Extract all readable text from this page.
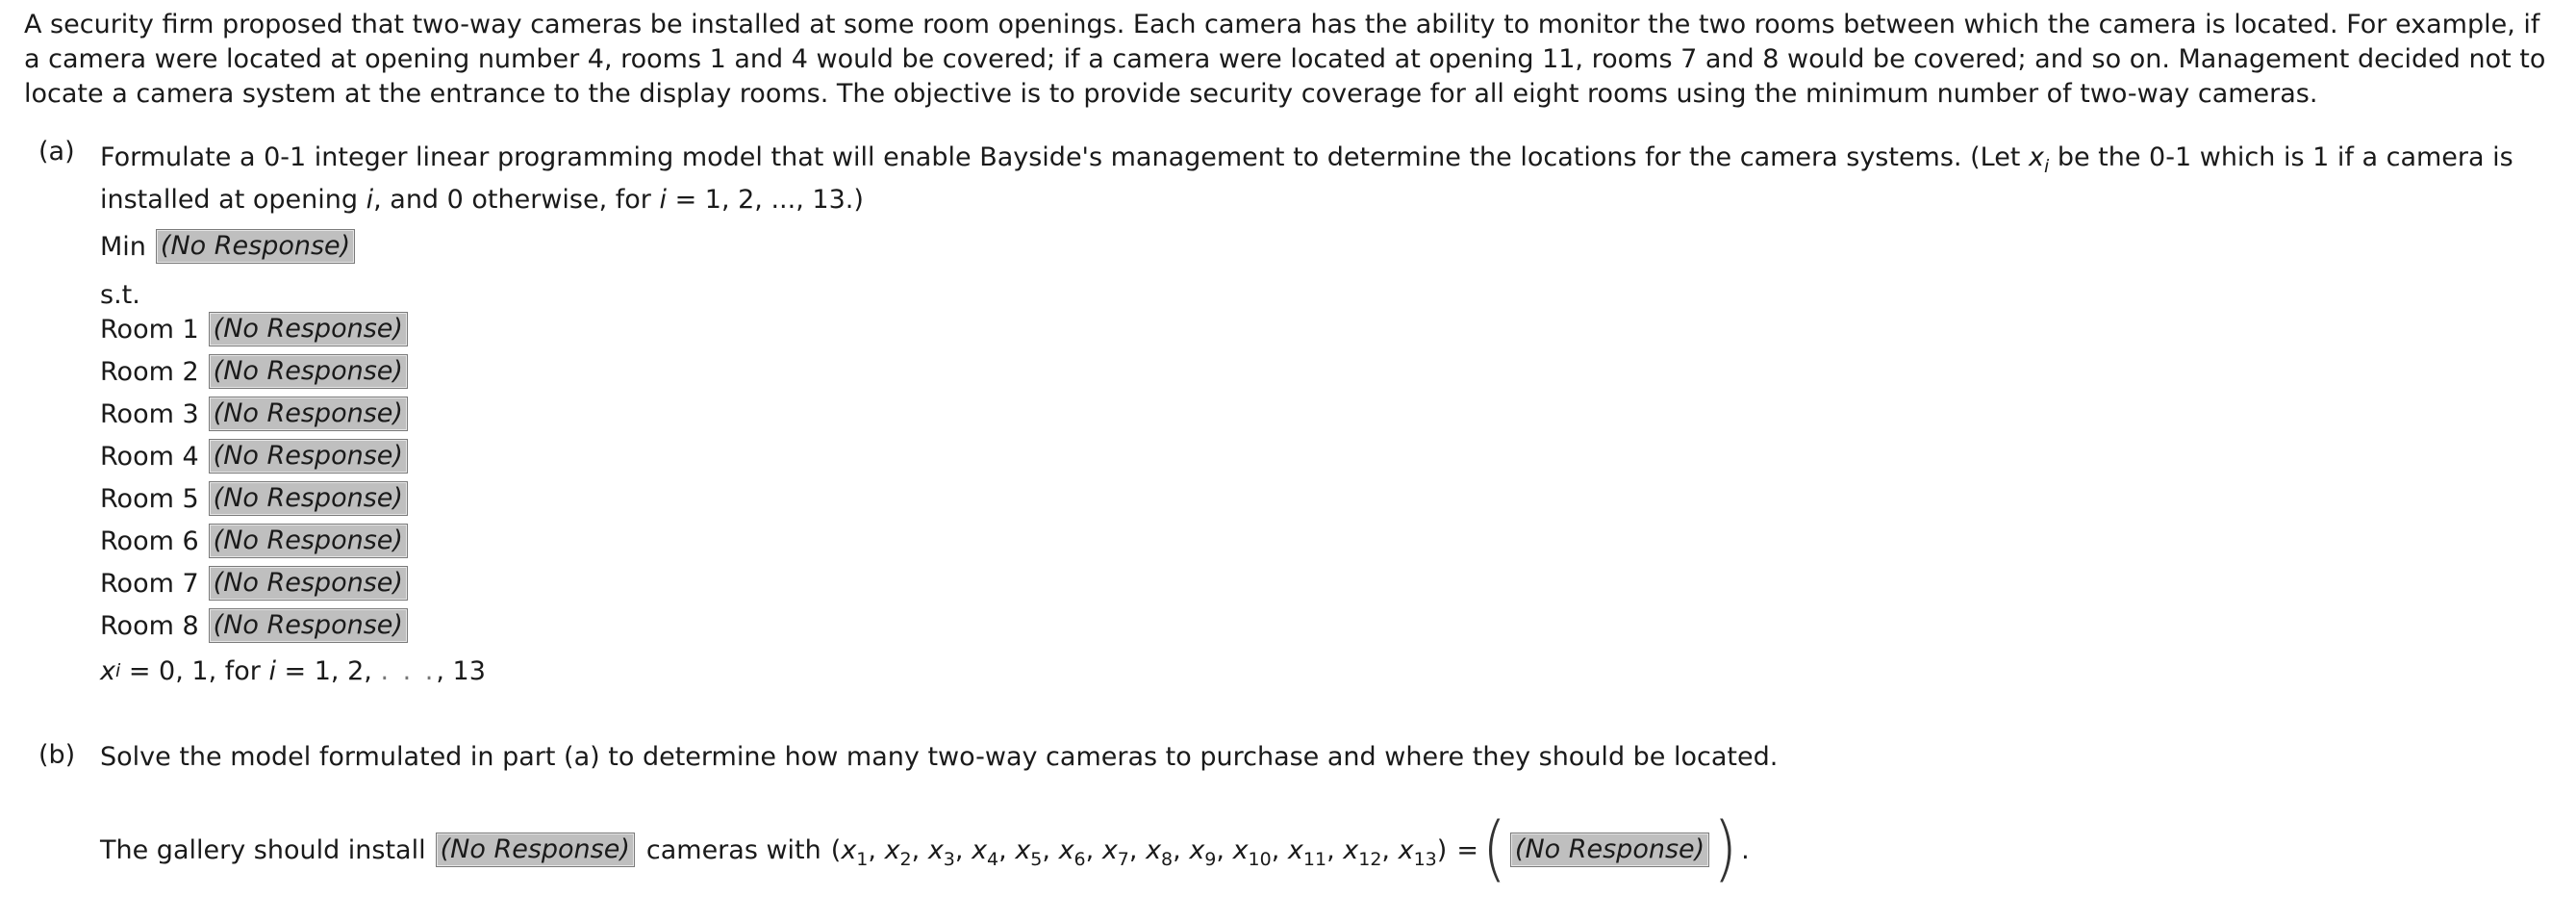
A security firm proposed that two-way cameras be installed at some room openings. Each camera has the ability to monitor the two rooms between which the camera is located. For example, if a camera were located at opening number 4, rooms 1 and 4 would be covered; if a camera were located at opening 11, rooms 7 and 8 would be covered; and so on. Management decided not to locate a camera system at the entrance to the display rooms. The objective is to provide security coverage for all eight rooms using the minimum number of two-way cameras.

(a) Formulate a 0-1 integer linear programming model that will enable Bayside's management to determine the locations for the camera systems. (Let $x_i$ be the 0-1 which is 1 if a camera is installed at opening i, and 0 otherwise, for i = 1, 2, ..., 13.)

Min (No Response)
s.t.
Room 1 (No Response)
Room 2 (No Response)
Room 3 (No Response)
Room 4 (No Response)
Room 5 (No Response)
Room 6 (No Response)
Room 7 (No Response)
Room 8 (No Response)
x i = 0, 1, for i = 1, 2, . . . , 13
(b) Solve the model formulated in part (a) to determine how many two-way cameras to purchase and where they should be located.

The gallery should install (No Response) cameras with ($x_1$, $x_2$, $x_3$, $x_4$, $x_5$, $x_6$, $x_7$, $x_8$, $x_9$, $x_{10}$, $x_{11}$, $x_{12}$, $x_{13}$) = ( (No Response) ) .
